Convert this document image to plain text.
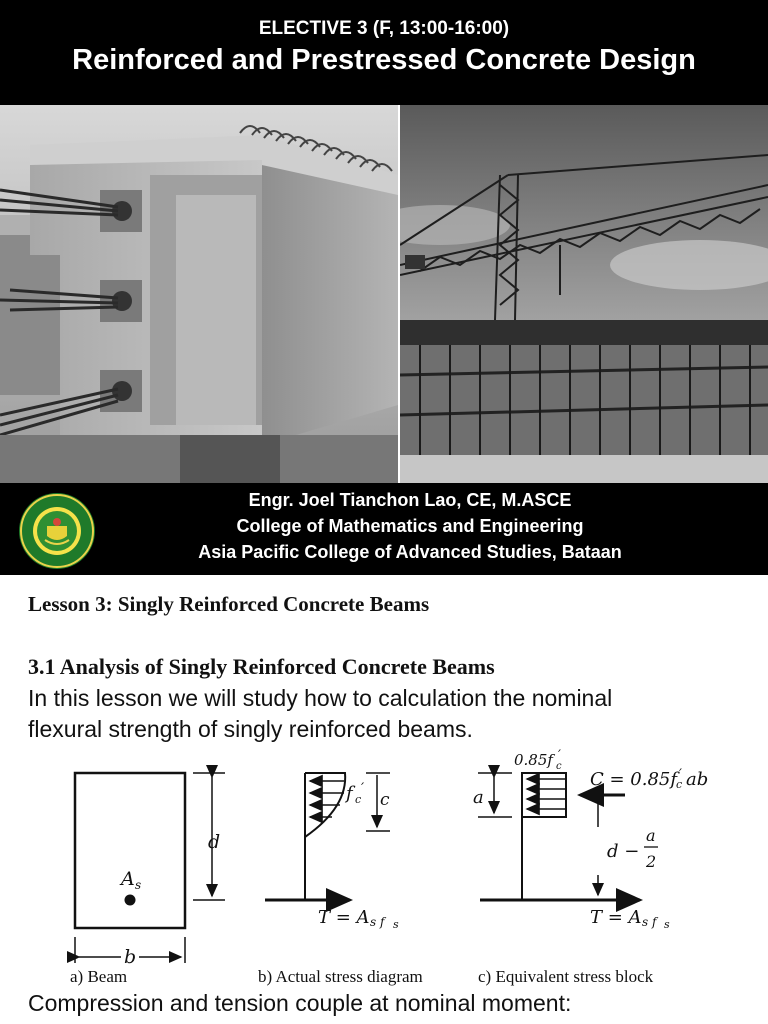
ELECTIVE 3 (F, 13:00-16:00)
Reinforced and Prestressed Concrete Design
Engr. Joel Tianchon Lao, CE, M.ASCE
College of Mathematics and Engineering
Asia Pacific College of Advanced Studies, Bataan
Lesson 3: Singly Reinforced Concrete Beams
3.1 Analysis of Singly Reinforced Concrete Beams
In this lesson we will study how to calculation the nominal
flexural strength of singly reinforced beams.
d
A s
b
f c
′
c
T = A s f s
0.85f c
′
a
C = 0.85f
c
′ ab
d −
a
2
T = A s f s
a) Beam	b) Actual stress diagram	c) Equivalent stress block
Compression and tension couple at nominal moment:
